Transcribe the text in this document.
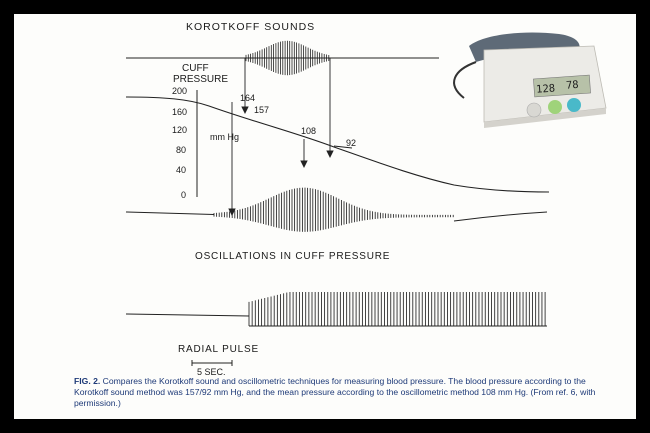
KOROTKOFF SOUNDS
CUFF
PRESSURE
200
160
120
80
40
0
mm Hg
164
157
108
92
OSCILLATIONS IN CUFF PRESSURE
RADIAL PULSE
5 SEC.
128 78
FIG. 2. Compares the Korotkoff sound and oscillometric techniques for measuring blood pressure. The blood pressure according to the Korotkoff sound method was 157/92 mm Hg, and the mean pressure according to the oscillometric method 108 mm Hg. (From ref. 6, with permission.)
